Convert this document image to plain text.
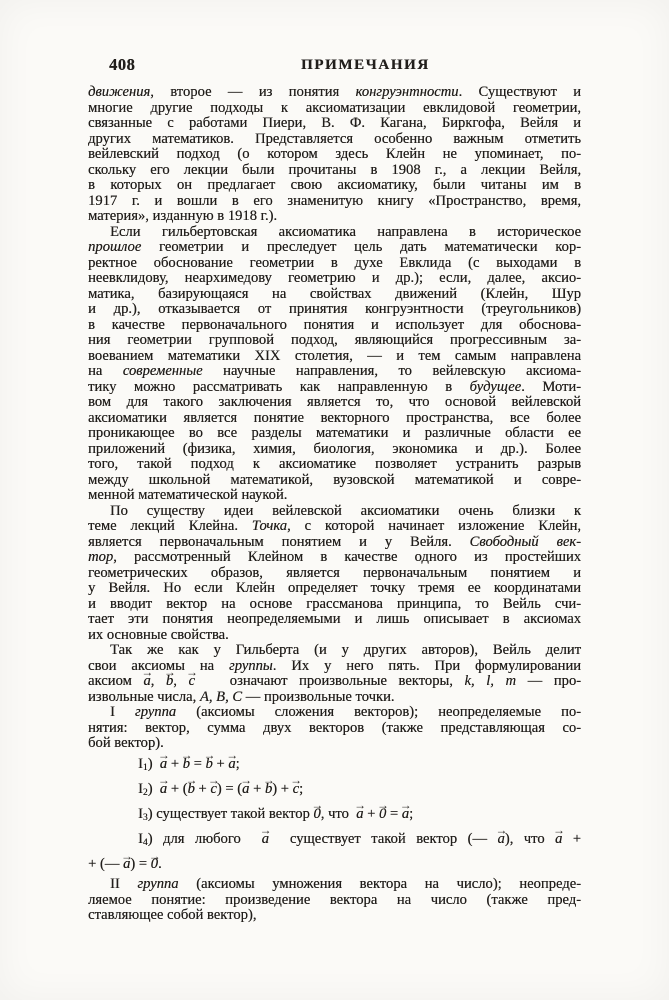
408	ПРИМЕЧАНИЯ
движения, второе — из понятия конгруэнтности. Существуют и
многие другие подходы к аксиоматизации евклидовой геометрии,
связанные с работами Пиери, В. Ф. Кагана, Биркгофа, Вейля и
других математиков. Представляется особенно важным отметить
вейлевский подход (о котором здесь Клейн не упоминает, по-
скольку его лекции были прочитаны в 1908 г., а лекции Вейля,
в которых он предлагает свою аксиоматику, были читаны им в
1917 г. и вошли в его знаменитую книгу «Пространство, время,
материя», изданную в 1918 г.).
Если гильбертовская аксиоматика направлена в историческое
прошлое геометрии и преследует цель дать математически кор-
ректное обоснование геометрии в духе Евклида (с выходами в
неевклидову, неархимедову геометрию и др.); если, далее, аксио-
матика, базирующаяся на свойствах движений (Клейн, Шур
и др.), отказывается от принятия конгруэнтности (треугольников)
в качестве первоначального понятия и использует для обоснова-
ния геометрии групповой подход, являющийся прогрессивным за-
воеванием математики XIX столетия, — и тем самым направлена
на современные научные направления, то вейлевскую аксиома-
тику можно рассматривать как направленную в будущее. Моти-
вом для такого заключения является то, что основой вейлевской
аксиоматики является понятие векторного пространства, все более
проникающее во все разделы математики и различные области ее
приложений (физика, химия, биология, экономика и др.). Более
того, такой подход к аксиоматике позволяет устранить разрыв
между школьной математикой, вузовской математикой и совре-
менной математической наукой.
По существу идеи вейлевской аксиоматики очень близки к
теме лекций Клейна. Точка, с которой начинает изложение Клейн,
является первоначальным понятием и у Вейля. Свободный век-
тор, рассмотренный Клейном в качестве одного из простейших
геометрических образов, является первоначальным понятием и
у Вейля. Но если Клейн определяет точку тремя ее координатами
и вводит вектор на основе грассманова принципа, то Вейль счи-
тает эти понятия неопределяемыми и лишь описывает в аксиомах
их основные свойства.
Так же как у Гильберта (и у других авторов), Вейль делит
свои аксиомы на группы. Их у него пять. При формулировании
аксиом → a, → b, → c   означают произвольные векторы, k, l, m — про-
извольные числа, A, B, C — произвольные точки.
I группа (аксиомы сложения векторов); неопределяемые по-
нятия: вектор, сумма двух векторов (также представляющая со-
бой вектор).
$I_1) \to a$ + → b = → b + → a;
$I_2) \to a$ + (→ b + → c) = (→ a + → b) + → c;
$I_3$) существует такой вектор → 0, что  → a + → 0 = → a;
$I_4$) для любого  → a  существует такой вектор (— → a), что → a +
+ (— → a) = → 0.
II группа (аксиомы умножения вектора на число); неопреде-
ляемое понятие: произведение вектора на число (также пред-
ставляющее собой вектор),
